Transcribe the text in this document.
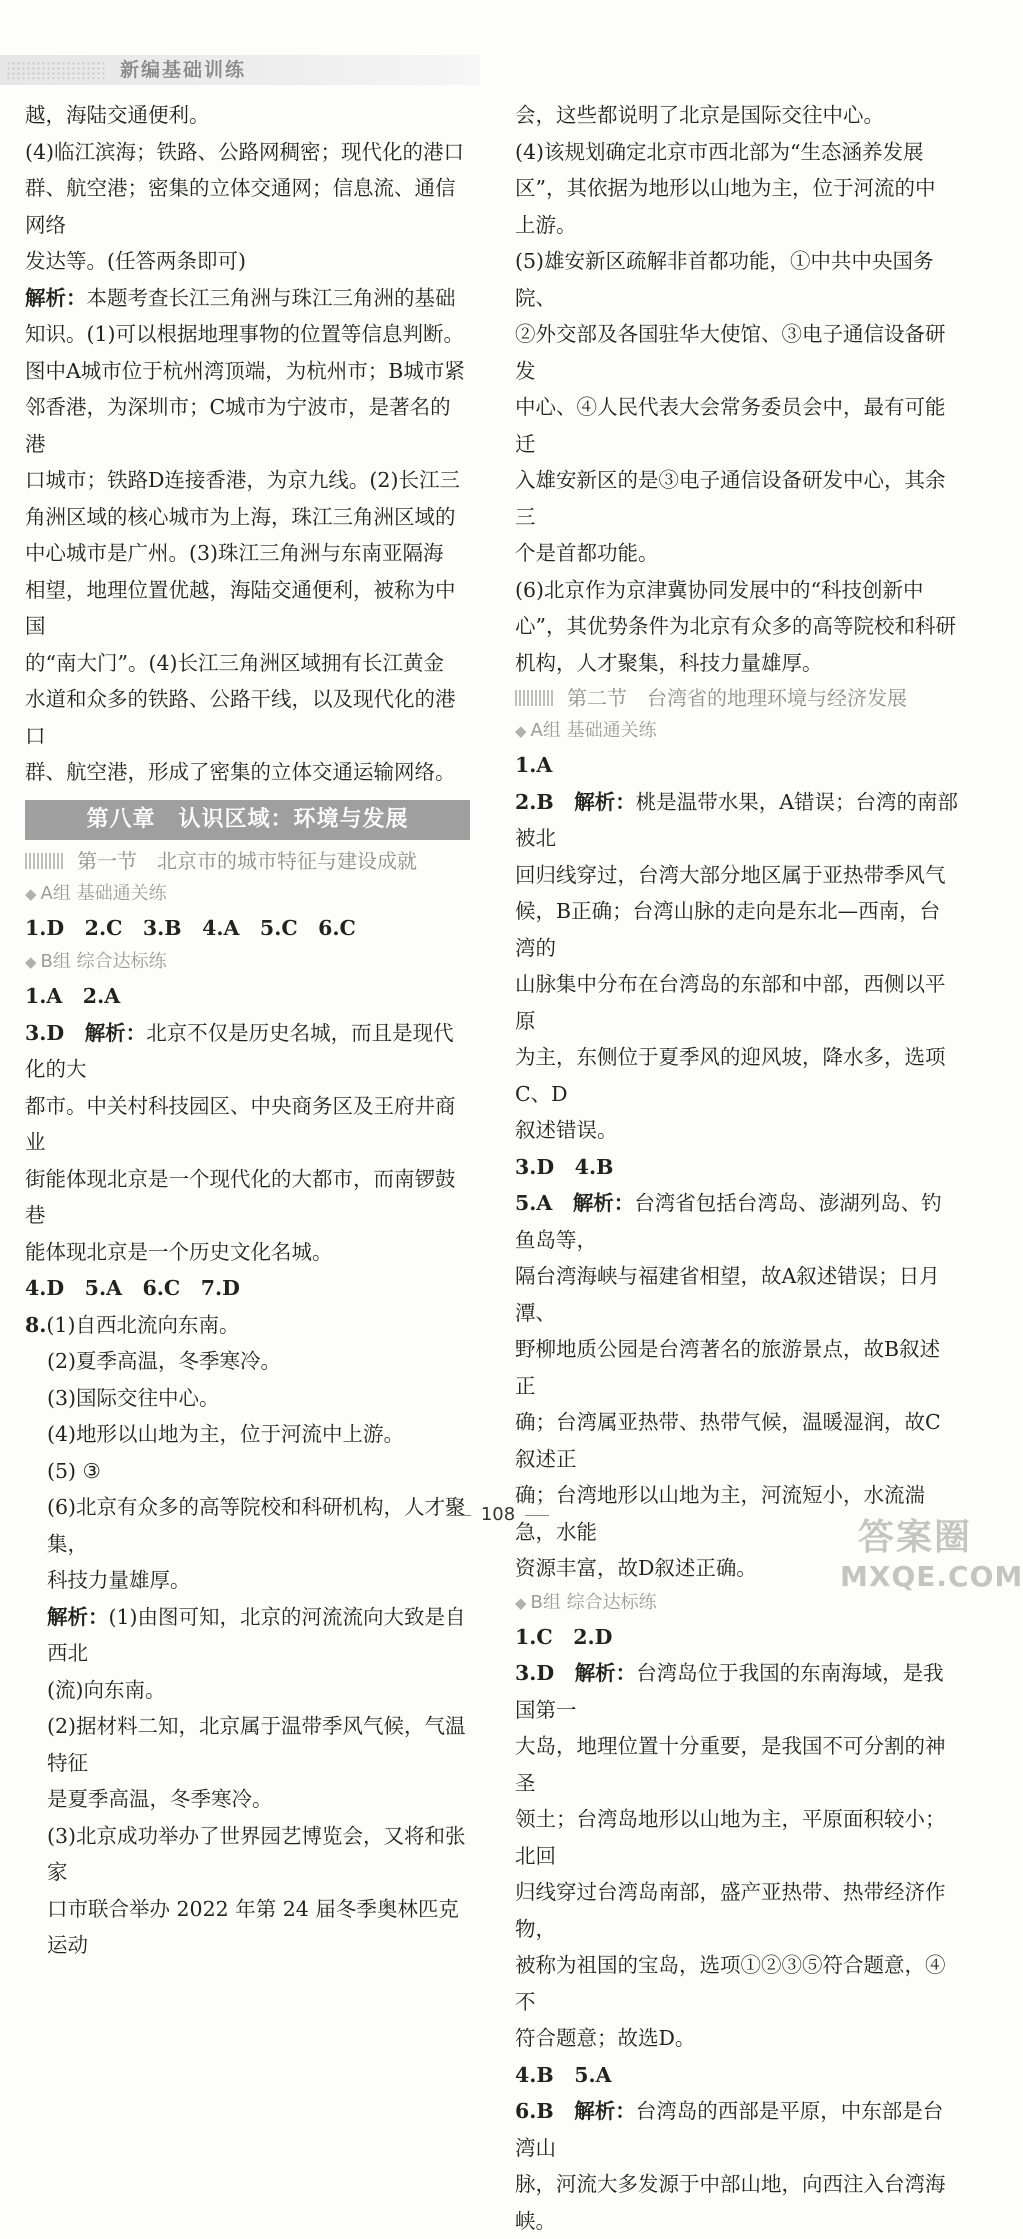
新编基础训练

越，海陆交通便利。

(4)临江滨海；铁路、公路网稠密；现代化的港口

群、航空港；密集的立体交通网；信息流、通信网络

发达等。(任答两条即可)

解析：本题考查长江三角洲与珠江三角洲的基础

知识。(1)可以根据地理事物的位置等信息判断。

图中A城市位于杭州湾顶端，为杭州市；B城市紧

邻香港，为深圳市；C城市为宁波市，是著名的港

口城市；铁路D连接香港，为京九线。(2)长江三

角洲区域的核心城市为上海，珠江三角洲区域的

中心城市是广州。(3)珠江三角洲与东南亚隔海

相望，地理位置优越，海陆交通便利，被称为中国

的“南大门”。(4)长江三角洲区域拥有长江黄金

水道和众多的铁路、公路干线，以及现代化的港口

群、航空港，形成了密集的立体交通运输网络。

第八章　认识区域：环境与发展
第一节　北京市的城市特征与建设成就
◆ A组 基础通关练

1.D　2.C　3.B　4.A　5.C　6.C

◆ B组 综合达标练

1.A　2.A

3.D　解析：北京不仅是历史名城，而且是现代化的大

都市。中关村科技园区、中央商务区及王府井商业

街能体现北京是一个现代化的大都市，而南锣鼓巷

能体现北京是一个历史文化名城。

4.D　5.A　6.C　7.D

8.(1)自西北流向东南。

(2)夏季高温，冬季寒冷。

(3)国际交往中心。

(4)地形以山地为主，位于河流中上游。

(5) ③

(6)北京有众多的高等院校和科研机构，人才聚集，

科技力量雄厚。

解析：(1)由图可知，北京的河流流向大致是自西北

(流)向东南。

(2)据材料二知，北京属于温带季风气候，气温特征

是夏季高温，冬季寒冷。

(3)北京成功举办了世界园艺博览会，又将和张家

口市联合举办 2022 年第 24 届冬季奥林匹克运动

会，这些都说明了北京是国际交往中心。

(4)该规划确定北京市西北部为“生态涵养发展

区”，其依据为地形以山地为主，位于河流的中

上游。

(5)雄安新区疏解非首都功能，①中共中央国务院、

②外交部及各国驻华大使馆、③电子通信设备研发

中心、④人民代表大会常务委员会中，最有可能迁

入雄安新区的是③电子通信设备研发中心，其余三

个是首都功能。

(6)北京作为京津冀协同发展中的“科技创新中

心”，其优势条件为北京有众多的高等院校和科研

机构，人才聚集，科技力量雄厚。

第二节　台湾省的地理环境与经济发展
◆ A组 基础通关练

1.A

2.B　解析：桃是温带水果，A错误；台湾的南部被北

回归线穿过，台湾大部分地区属于亚热带季风气

候，B正确；台湾山脉的走向是东北—西南，台湾的

山脉集中分布在台湾岛的东部和中部，西侧以平原

为主，东侧位于夏季风的迎风坡，降水多，选项C、D

叙述错误。

3.D　4.B

5.A　解析：台湾省包括台湾岛、澎湖列岛、钓鱼岛等，

隔台湾海峡与福建省相望，故A叙述错误；日月潭、

野柳地质公园是台湾著名的旅游景点，故B叙述正

确；台湾属亚热带、热带气候，温暖湿润，故C叙述正

确；台湾地形以山地为主，河流短小，水流湍急，水能

资源丰富，故D叙述正确。

◆ B组 综合达标练

1.C　2.D

3.D　解析：台湾岛位于我国的东南海域，是我国第一

大岛，地理位置十分重要，是我国不可分割的神圣

领土；台湾岛地形以山地为主，平原面积较小；北回

归线穿过台湾岛南部，盛产亚热带、热带经济作物，

被称为祖国的宝岛，选项①②③⑤符合题意，④不

符合题意；故选D。

4.B　5.A

6.B　解析：台湾岛的西部是平原，中东部是台湾山

脉，河流大多发源于中部山地，向西注入台湾海峡。

108
答案圈
MXQE.COM
